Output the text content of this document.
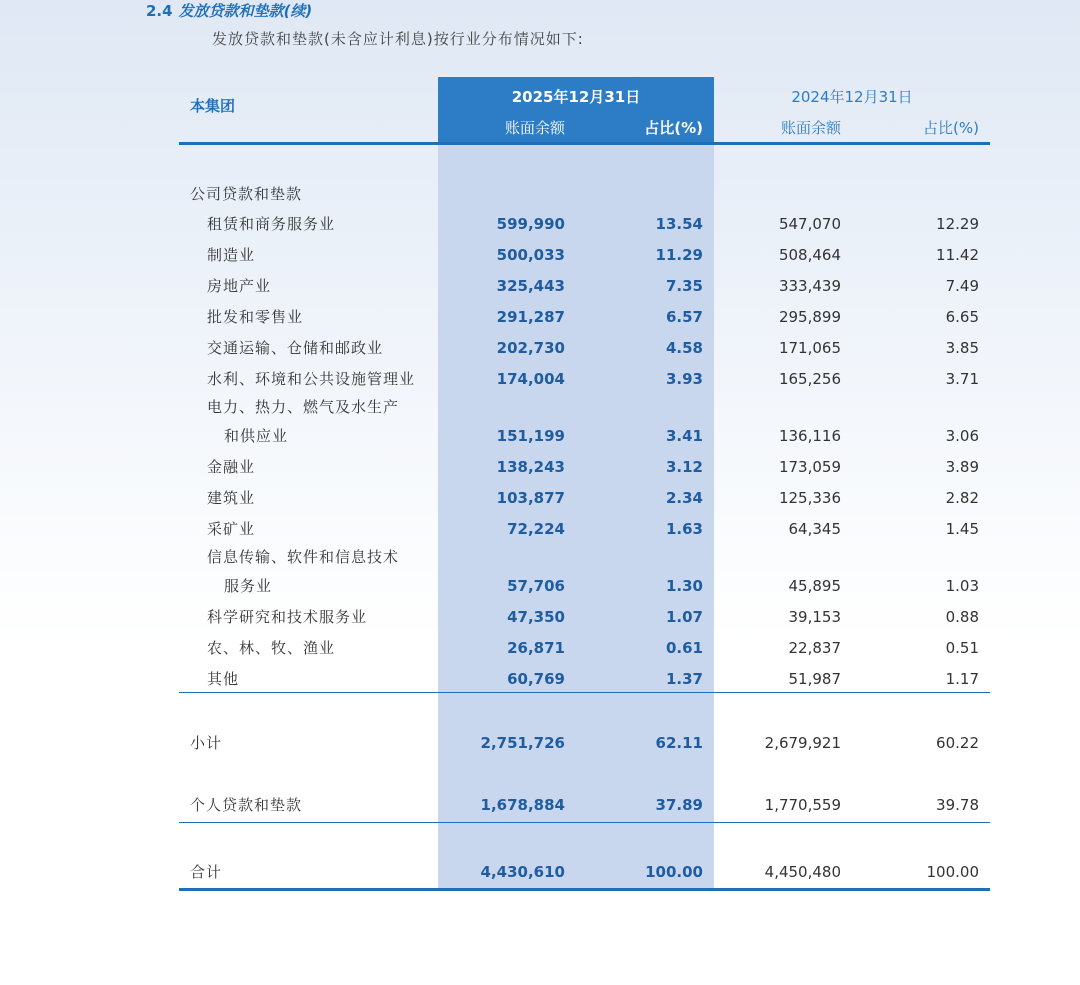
2.4 发放贷款和垫款(续)
发放贷款和垫款(未含应计利息)按行业分布情况如下:
本集团	2025年12月31日	2024年12月31日
账面余额	占比(%)	账面余额	占比(%)
公司贷款和垫款
租赁和商务服务业	599,990	13.54	547,070	12.29
制造业	500,033	11.29	508,464	11.42
房地产业	325,443	7.35	333,439	7.49
批发和零售业	291,287	6.57	295,899	6.65
交通运输、仓储和邮政业	202,730	4.58	171,065	3.85
水利、环境和公共设施管理业	174,004	3.93	165,256	3.71
电力、热力、燃气及水生产
和供应业	151,199	3.41	136,116	3.06
金融业	138,243	3.12	173,059	3.89
建筑业	103,877	2.34	125,336	2.82
采矿业	72,224	1.63	64,345	1.45
信息传输、软件和信息技术
服务业	57,706	1.30	45,895	1.03
科学研究和技术服务业	47,350	1.07	39,153	0.88
农、林、牧、渔业	26,871	0.61	22,837	0.51
其他	60,769	1.37	51,987	1.17
小计	2,751,726	62.11	2,679,921	60.22
个人贷款和垫款	1,678,884	37.89	1,770,559	39.78
合计	4,430,610	100.00	4,450,480	100.00
